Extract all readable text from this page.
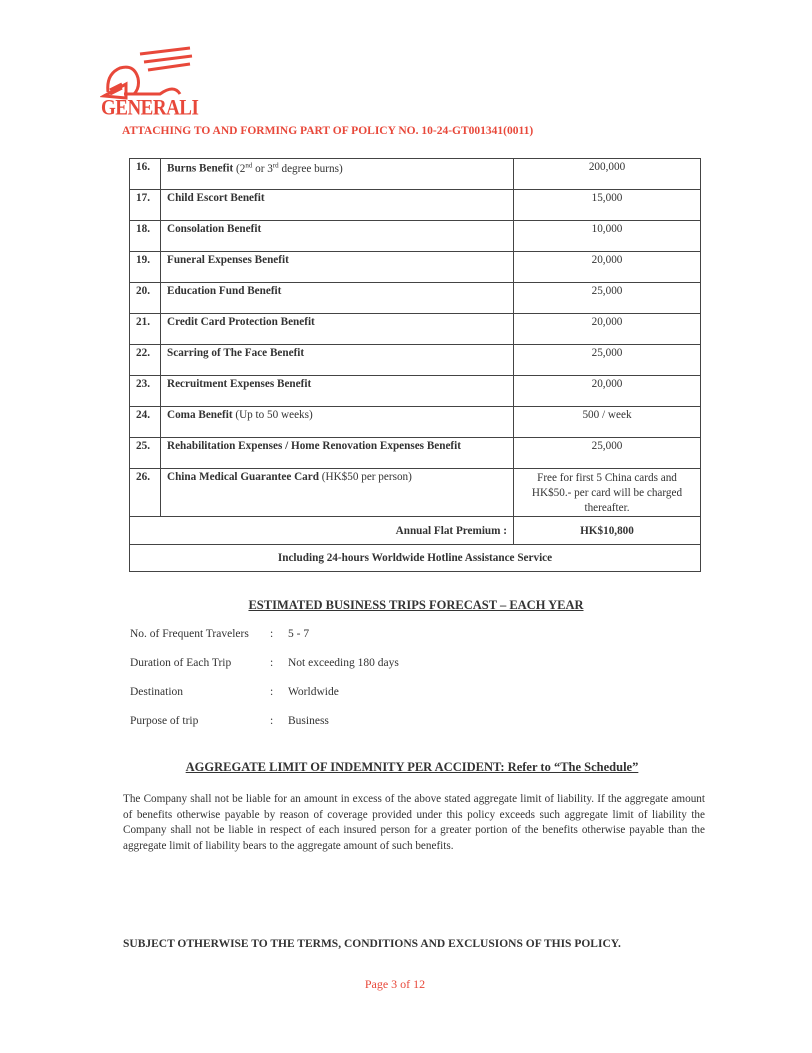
GENERALI
ATTACHING TO AND FORMING PART OF POLICY NO. 10-24-GT001341(0011)
16.	Burns Benefit (2nd or 3rd degree burns)	200,000
17.	Child Escort Benefit	15,000
18.	Consolation Benefit	10,000
19.	Funeral Expenses Benefit	20,000
20.	Education Fund Benefit	25,000
21.	Credit Card Protection Benefit	20,000
22.	Scarring of The Face Benefit	25,000
23.	Recruitment Expenses Benefit	20,000
24.	Coma Benefit (Up to 50 weeks)	500 / week
25.	Rehabilitation Expenses / Home Renovation Expenses Benefit	25,000
26.	China Medical Guarantee Card (HK$50 per person)	Free for first 5 China cards and HK$50.- per card will be charged thereafter.
Annual Flat Premium :		HK$10,800
Including 24-hours Worldwide Hotline Assistance Service		
ESTIMATED BUSINESS TRIPS FORECAST – EACH YEAR
No. of Frequent Travelers	:	5 - 7
Duration of Each Trip	:	Not exceeding 180 days
Destination	:	Worldwide
Purpose of trip	:	Business
AGGREGATE LIMIT OF INDEMNITY PER ACCIDENT: Refer to “The Schedule”
The Company shall not be liable for an amount in excess of the above stated aggregate limit of liability. If the aggregate amount of benefits otherwise payable by reason of coverage provided under this policy exceeds such aggregate limit of liability the Company shall not be liable in respect of each insured person for a greater portion of the benefits otherwise payable than the aggregate limit of liability bears to the aggregate amount of such benefits.
SUBJECT OTHERWISE TO THE TERMS, CONDITIONS AND EXCLUSIONS OF THIS POLICY.
Page 3 of 12
